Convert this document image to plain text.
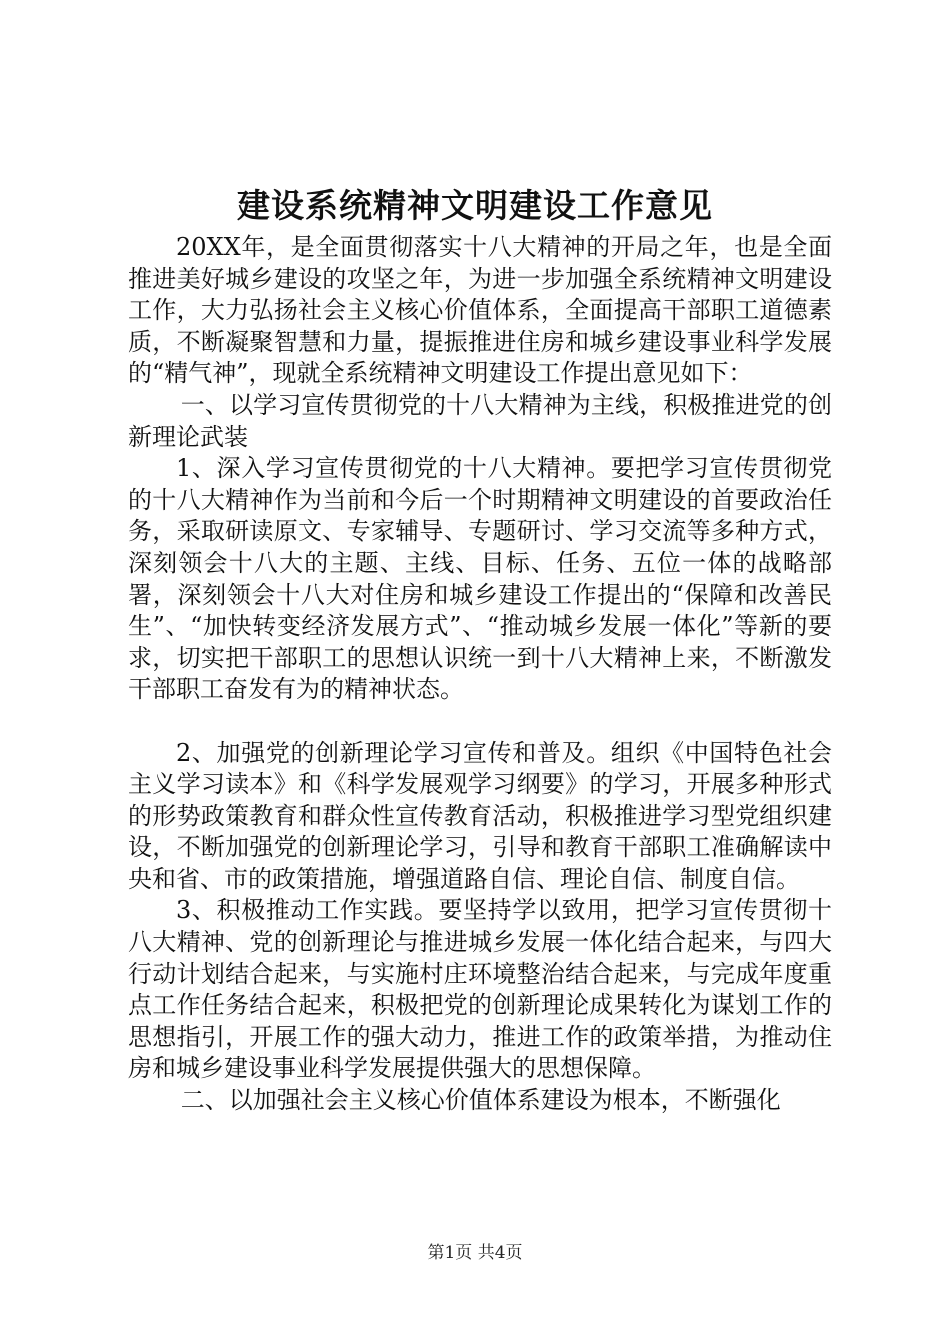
建设系统精神文明建设工作意见

20XX年，是全面贯彻落实十八大精神的开局之年，也是全面推进美好城乡建设的攻坚之年，为进一步加强全系统精神文明建设工作，大力弘扬社会主义核心价值体系，全面提高干部职工道德素质，不断凝聚智慧和力量，提振推进住房和城乡建设事业科学发展的“精气神”，现就全系统精神文明建设工作提出意见如下：

一、以学习宣传贯彻党的十八大精神为主线，积极推进党的创新理论武装

1、深入学习宣传贯彻党的十八大精神。要把学习宣传贯彻党的十八大精神作为当前和今后一个时期精神文明建设的首要政治任务，采取研读原文、专家辅导、专题研讨、学习交流等多种方式，深刻领会十八大的主题、主线、目标、任务、五位一体的战略部署，深刻领会十八大对住房和城乡建设工作提出的“保障和改善民生”、“加快转变经济发展方式”、“推动城乡发展一体化”等新的要求，切实把干部职工的思想认识统一到十八大精神上来，不断激发干部职工奋发有为的精神状态。

2、加强党的创新理论学习宣传和普及。组织《中国特色社会主义学习读本》和《科学发展观学习纲要》的学习，开展多种形式的形势政策教育和群众性宣传教育活动，积极推进学习型党组织建设，不断加强党的创新理论学习，引导和教育干部职工准确解读中央和省、市的政策措施，增强道路自信、理论自信、制度自信。

3、积极推动工作实践。要坚持学以致用，把学习宣传贯彻十八大精神、党的创新理论与推进城乡发展一体化结合起来，与四大行动计划结合起来，与实施村庄环境整治结合起来，与完成年度重点工作任务结合起来，积极把党的创新理论成果转化为谋划工作的思想指引，开展工作的强大动力，推进工作的政策举措，为推动住房和城乡建设事业科学发展提供强大的思想保障。

二、以加强社会主义核心价值体系建设为根本，不断强化

第1页 共4页
